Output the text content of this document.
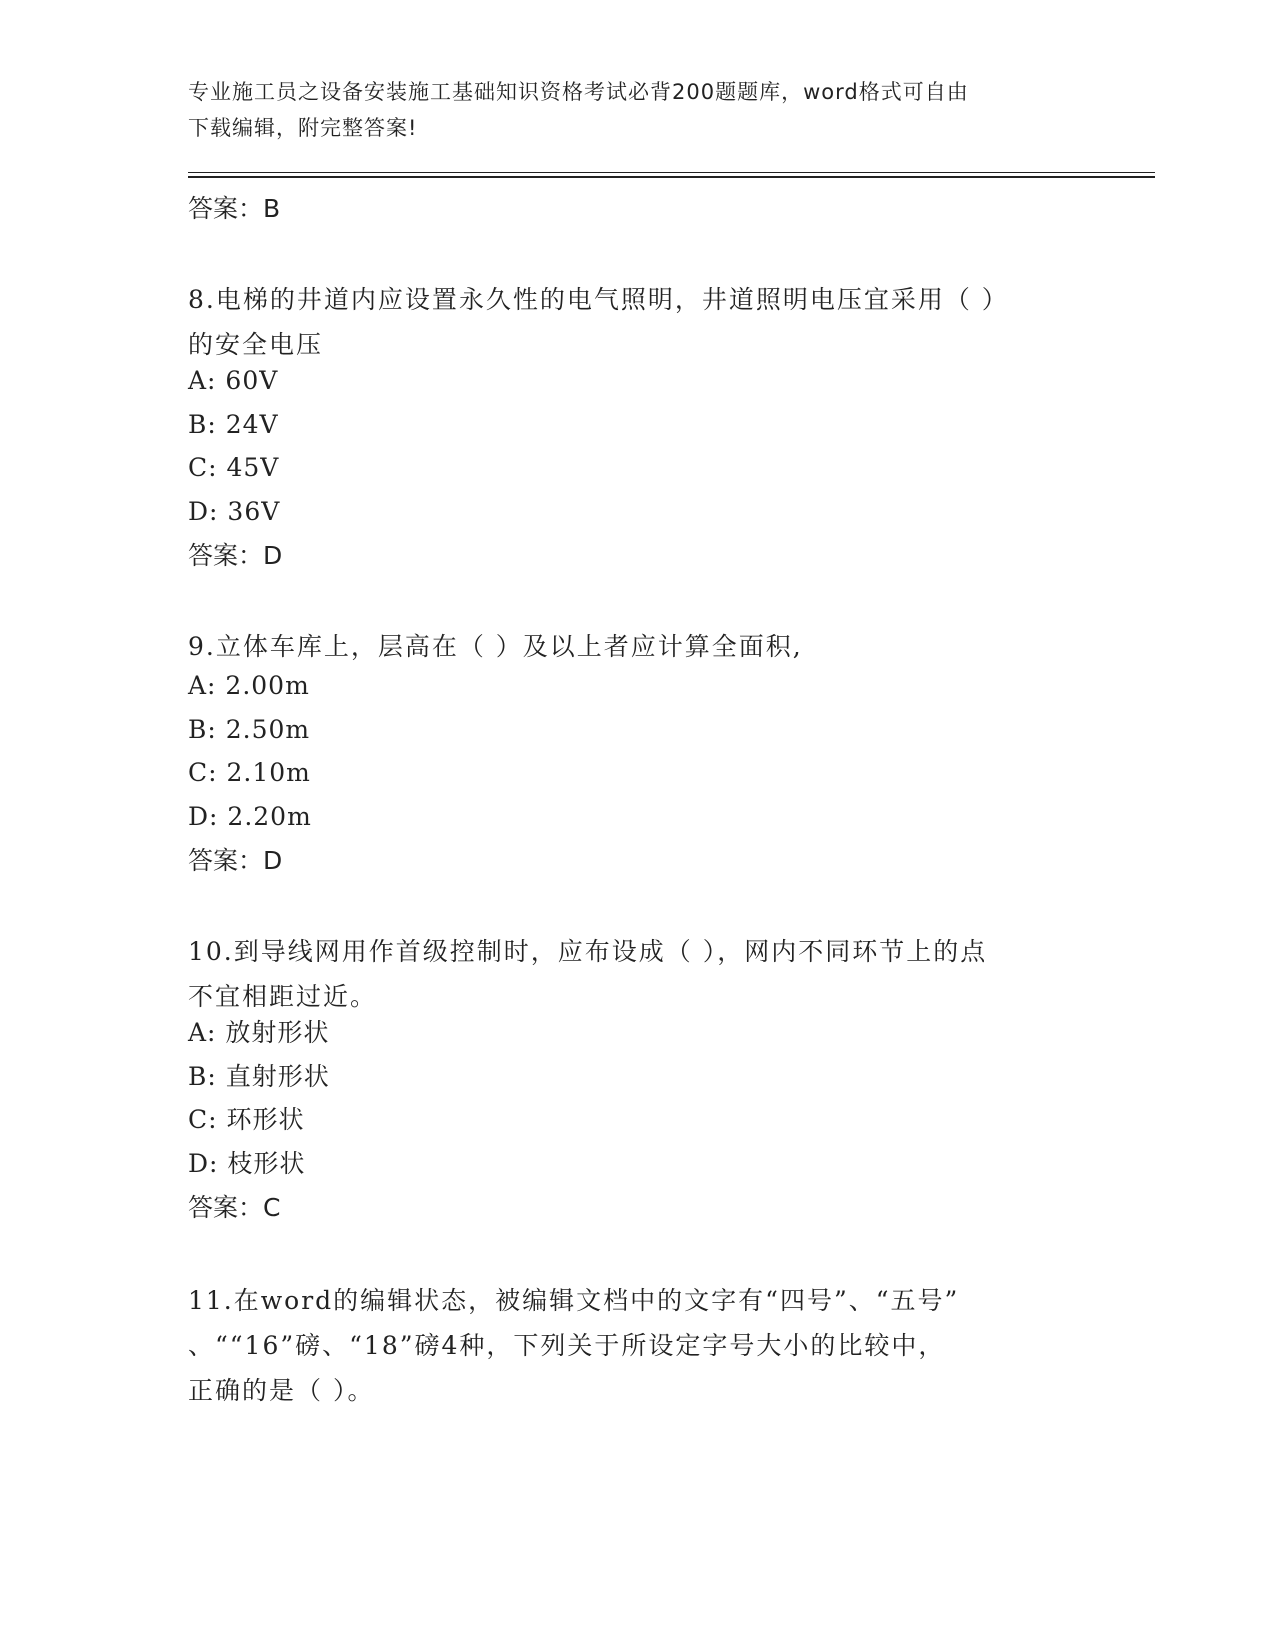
专业施工员之设备安装施工基础知识资格考试必背200题题库，word格式可自由
下载编辑，附完整答案!
答案：B
8.电梯的井道内应设置永久性的电气照明，井道照明电压宜采用（ ）
的安全电压
A: 60V
B: 24V
C: 45V
D: 36V
答案：D
9.立体车库上，层高在（ ）及以上者应计算全面积,
A: 2.00m
B: 2.50m
C: 2.10m
D: 2.20m
答案：D
10.到导线网用作首级控制时，应布设成（ ），网内不同环节上的点
不宜相距过近。
A: 放射形状
B: 直射形状
C: 环形状
D: 枝形状
答案：C
11.在word的编辑状态，被编辑文档中的文字有“四号”、“五号”
、““16”磅、“18”磅4种，下列关于所设定字号大小的比较中，
正确的是（ ）。
